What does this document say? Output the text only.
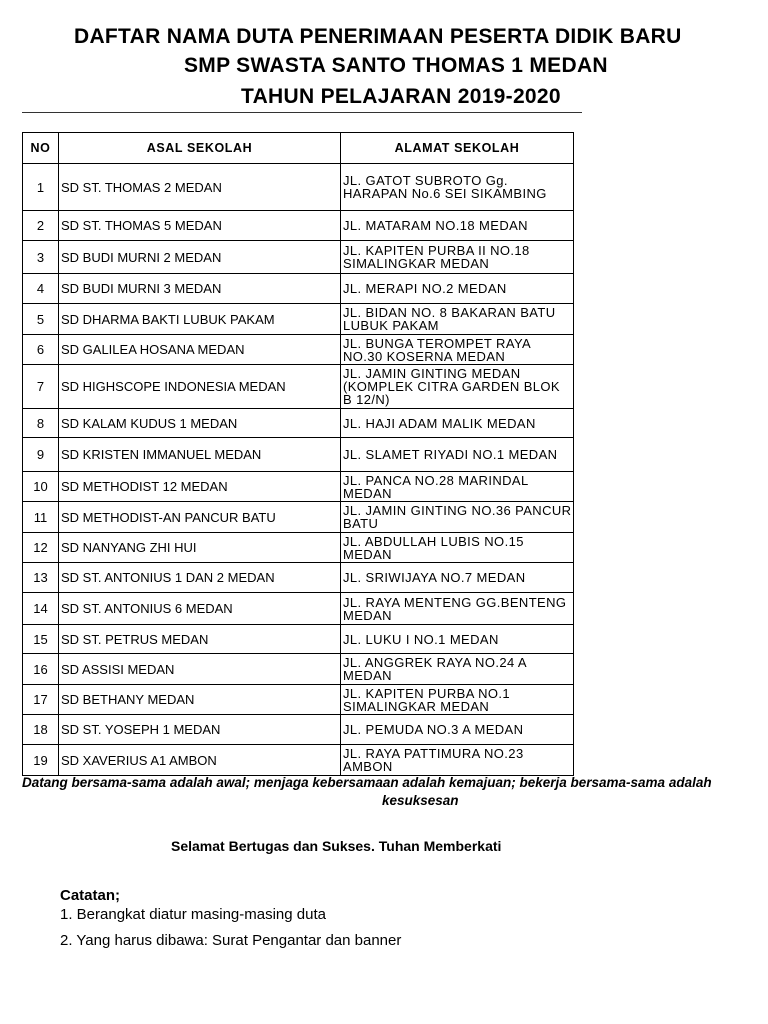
DAFTAR NAMA DUTA PENERIMAAN PESERTA DIDIK BARU
SMP SWASTA SANTO THOMAS 1 MEDAN
TAHUN PELAJARAN 2019-2020
NO	ASAL SEKOLAH	ALAMAT SEKOLAH
1	SD ST. THOMAS 2 MEDAN	JL. GATOT SUBROTO Gg. HARAPAN No.6 SEI SIKAMBING
2	SD ST. THOMAS 5 MEDAN	JL. MATARAM NO.18 MEDAN
3	SD BUDI MURNI 2 MEDAN	JL. KAPITEN PURBA II NO.18 SIMALINGKAR MEDAN
4	SD BUDI MURNI 3 MEDAN	JL. MERAPI NO.2 MEDAN
5	SD DHARMA BAKTI LUBUK PAKAM	JL. BIDAN NO. 8 BAKARAN BATU LUBUK PAKAM
6	SD GALILEA HOSANA MEDAN	JL. BUNGA TEROMPET RAYA NO.30 KOSERNA MEDAN
7	SD HIGHSCOPE INDONESIA MEDAN	JL. JAMIN GINTING MEDAN (KOMPLEK CITRA GARDEN BLOK B 12/N)
8	SD KALAM KUDUS 1 MEDAN	JL. HAJI ADAM MALIK MEDAN
9	SD KRISTEN IMMANUEL MEDAN	JL. SLAMET RIYADI NO.1 MEDAN
10	SD METHODIST 12 MEDAN	JL. PANCA NO.28 MARINDAL MEDAN
11	SD METHODIST-AN PANCUR BATU	JL. JAMIN GINTING NO.36 PANCUR BATU
12	SD NANYANG ZHI HUI	JL. ABDULLAH LUBIS NO.15 MEDAN
13	SD ST. ANTONIUS 1 DAN 2 MEDAN	JL. SRIWIJAYA NO.7 MEDAN
14	SD ST. ANTONIUS 6 MEDAN	JL. RAYA MENTENG GG.BENTENG MEDAN
15	SD ST. PETRUS MEDAN	JL. LUKU I NO.1 MEDAN
16	SD ASSISI MEDAN	JL. ANGGREK RAYA NO.24 A MEDAN
17	SD BETHANY MEDAN	JL. KAPITEN PURBA NO.1 SIMALINGKAR MEDAN
18	SD ST. YOSEPH 1 MEDAN	JL. PEMUDA NO.3 A MEDAN
19	SD XAVERIUS A1 AMBON	JL. RAYA PATTIMURA NO.23 AMBON
Datang bersama-sama adalah awal; menjaga kebersamaan adalah kemajuan; bekerja bersama-sama adalah
kesuksesan
Selamat Bertugas dan Sukses. Tuhan Memberkati
Catatan;
1. Berangkat diatur masing-masing duta
2. Yang harus dibawa: Surat Pengantar dan banner
